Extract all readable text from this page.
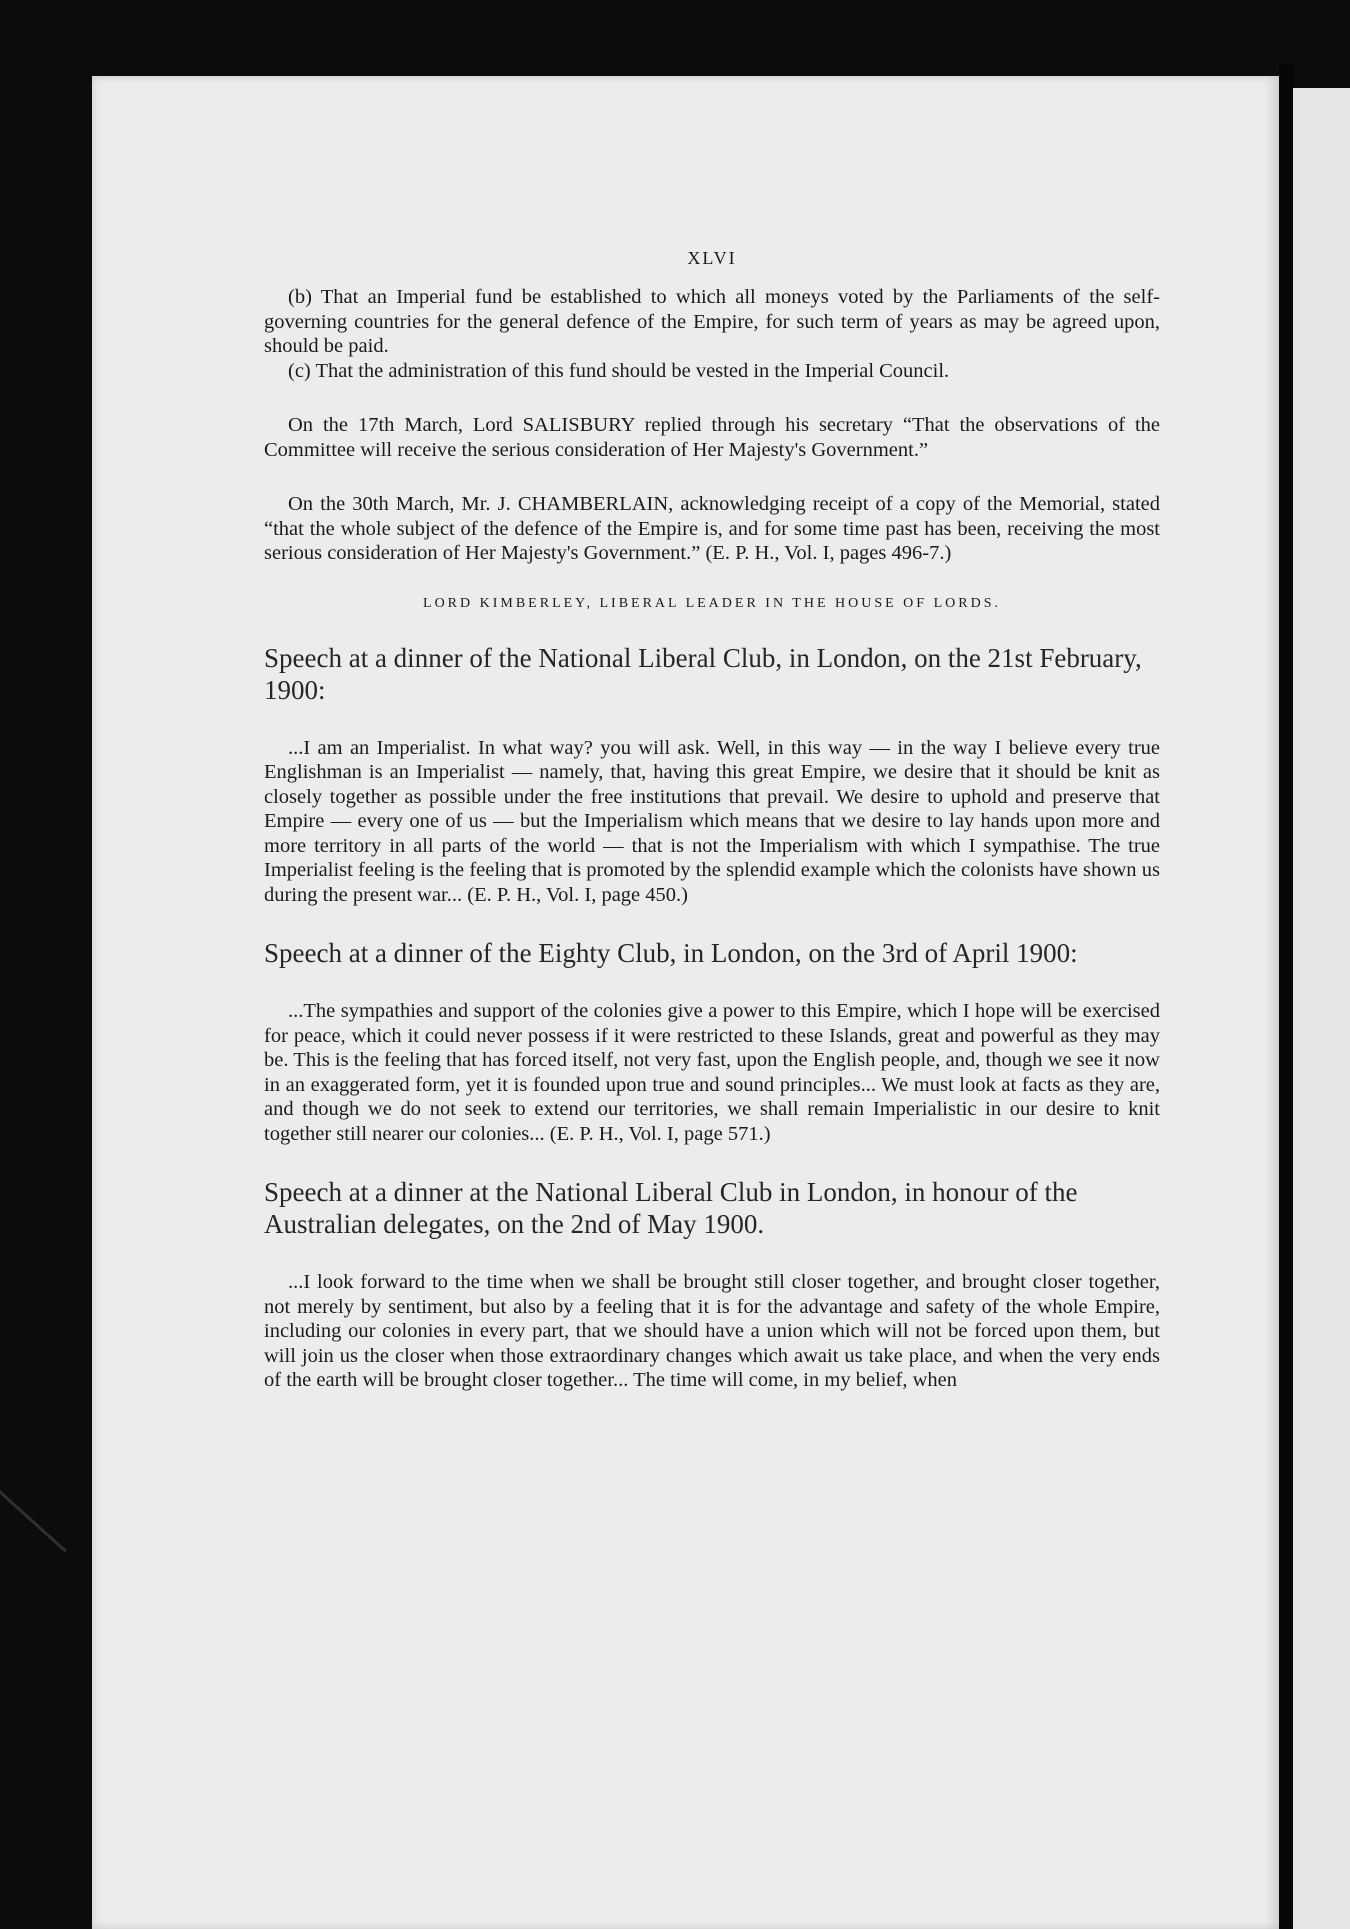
XLVI

(b) That an Imperial fund be established to which all moneys voted by the Parliaments of the self-governing countries for the general defence of the Empire, for such term of years as may be agreed upon, should be paid.

(c) That the administration of this fund should be vested in the Imperial Council.

On the 17th March, Lord SALISBURY replied through his secretary “That the observations of the Committee will receive the serious consideration of Her Majesty's Government.”

On the 30th March, Mr. J. CHAMBERLAIN, acknowledging receipt of a copy of the Memorial, stated “that the whole subject of the defence of the Empire is, and for some time past has been, receiving the most serious consideration of Her Majesty's Government.” (E. P. H., Vol. I, pages 496-7.)

LORD KIMBERLEY, LIBERAL LEADER IN THE HOUSE OF LORDS.

Speech at a dinner of the National Liberal Club, in London, on the 21st February, 1900:

...I am an Imperialist. In what way? you will ask. Well, in this way — in the way I believe every true Englishman is an Imperialist — namely, that, having this great Empire, we desire that it should be knit as closely together as possible under the free institutions that prevail. We desire to uphold and preserve that Empire — every one of us — but the Imperialism which means that we desire to lay hands upon more and more territory in all parts of the world — that is not the Imperialism with which I sympathise. The true Imperialist feeling is the feeling that is promoted by the splendid example which the colonists have shown us during the present war... (E. P. H., Vol. I, page 450.)

Speech at a dinner of the Eighty Club, in London, on the 3rd of April 1900:

...The sympathies and support of the colonies give a power to this Empire, which I hope will be exercised for peace, which it could never possess if it were restricted to these Islands, great and powerful as they may be. This is the feeling that has forced itself, not very fast, upon the English people, and, though we see it now in an exaggerated form, yet it is founded upon true and sound principles... We must look at facts as they are, and though we do not seek to extend our territories, we shall remain Imperialistic in our desire to knit together still nearer our colonies... (E. P. H., Vol. I, page 571.)

Speech at a dinner at the National Liberal Club in London, in honour of the Australian delegates, on the 2nd of May 1900.

...I look forward to the time when we shall be brought still closer together, and brought closer together, not merely by sentiment, but also by a feeling that it is for the advantage and safety of the whole Empire, including our colonies in every part, that we should have a union which will not be forced upon them, but will join us the closer when those extraordinary changes which await us take place, and when the very ends of the earth will be brought closer together... The time will come, in my belief, when
